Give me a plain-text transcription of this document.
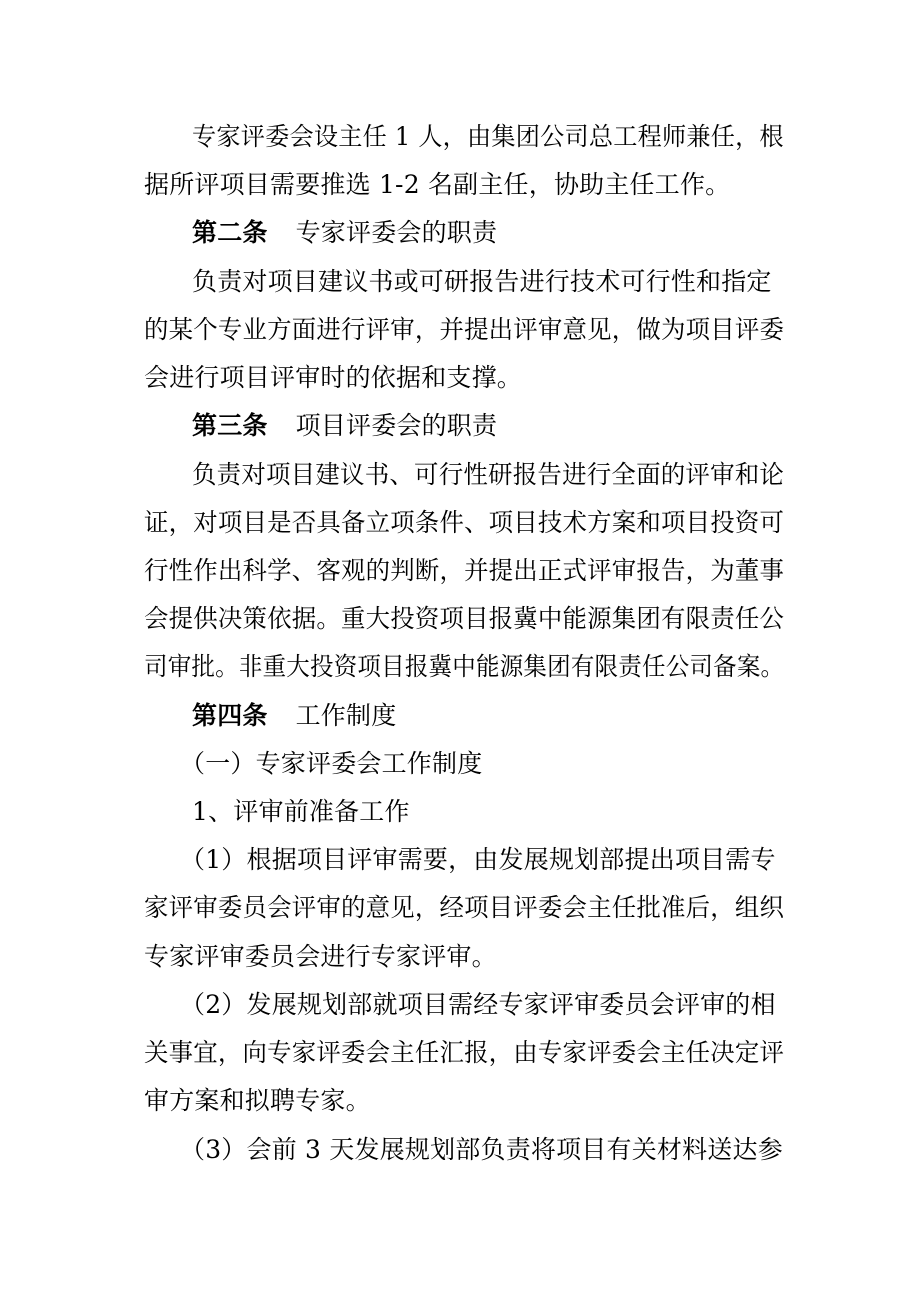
专家评委会设主任 1 人，由集团公司总工程师兼任，根
据所评项目需要推选 1-2 名副主任，协助主任工作。
第二条 专家评委会的职责
负责对项目建议书或可研报告进行技术可行性和指定
的某个专业方面进行评审，并提出评审意见，做为项目评委
会进行项目评审时的依据和支撑。
第三条 项目评委会的职责
负责对项目建议书、可行性研报告进行全面的评审和论
证，对项目是否具备立项条件、项目技术方案和项目投资可
行性作出科学、客观的判断，并提出正式评审报告，为董事
会提供决策依据。重大投资项目报冀中能源集团有限责任公
司审批。非重大投资项目报冀中能源集团有限责任公司备案。
第四条 工作制度
（一）专家评委会工作制度
1、评审前准备工作
（1）根据项目评审需要，由发展规划部提出项目需专
家评审委员会评审的意见，经项目评委会主任批准后，组织
专家评审委员会进行专家评审。
（2）发展规划部就项目需经专家评审委员会评审的相
关事宜，向专家评委会主任汇报，由专家评委会主任决定评
审方案和拟聘专家。
（3）会前 3 天发展规划部负责将项目有关材料送达参
